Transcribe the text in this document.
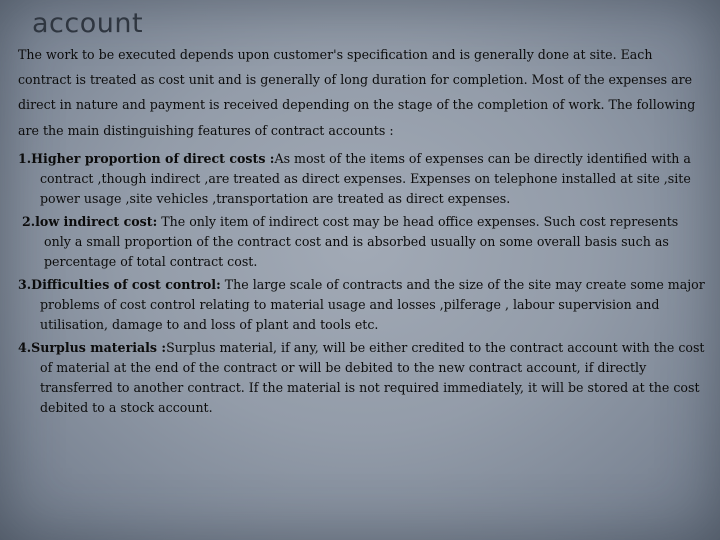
account

The work to be executed depends upon customer's specification and is generally done at site. Each contract is treated as cost unit and is generally of long duration for completion. Most of the expenses are direct in nature and payment is received depending on the stage of the completion of work. The following are the main distinguishing features of contract accounts :

1.Higher proportion of direct costs :As most of the items of expenses can be directly identified with a contract ,though indirect ,are treated as direct expenses. Expenses on telephone installed at site ,site power usage ,site vehicles ,transportation are treated as direct expenses.
2.low indirect cost: The only item of indirect cost may be head office expenses. Such cost represents only a small proportion of the contract cost and is absorbed usually on some overall basis such as percentage of total contract cost.
3.Difficulties of cost control: The large scale of contracts and the size of the site may create some major problems of cost control relating to material usage and losses ,pilferage , labour supervision and utilisation, damage to and loss of plant and tools etc.
4.Surplus materials :Surplus material, if any, will be either credited to the contract account with the cost of material at the end of the contract or will be debited to the new contract account, if directly transferred to another contract. If the material is not required immediately, it will be stored at the cost debited to a stock account.
